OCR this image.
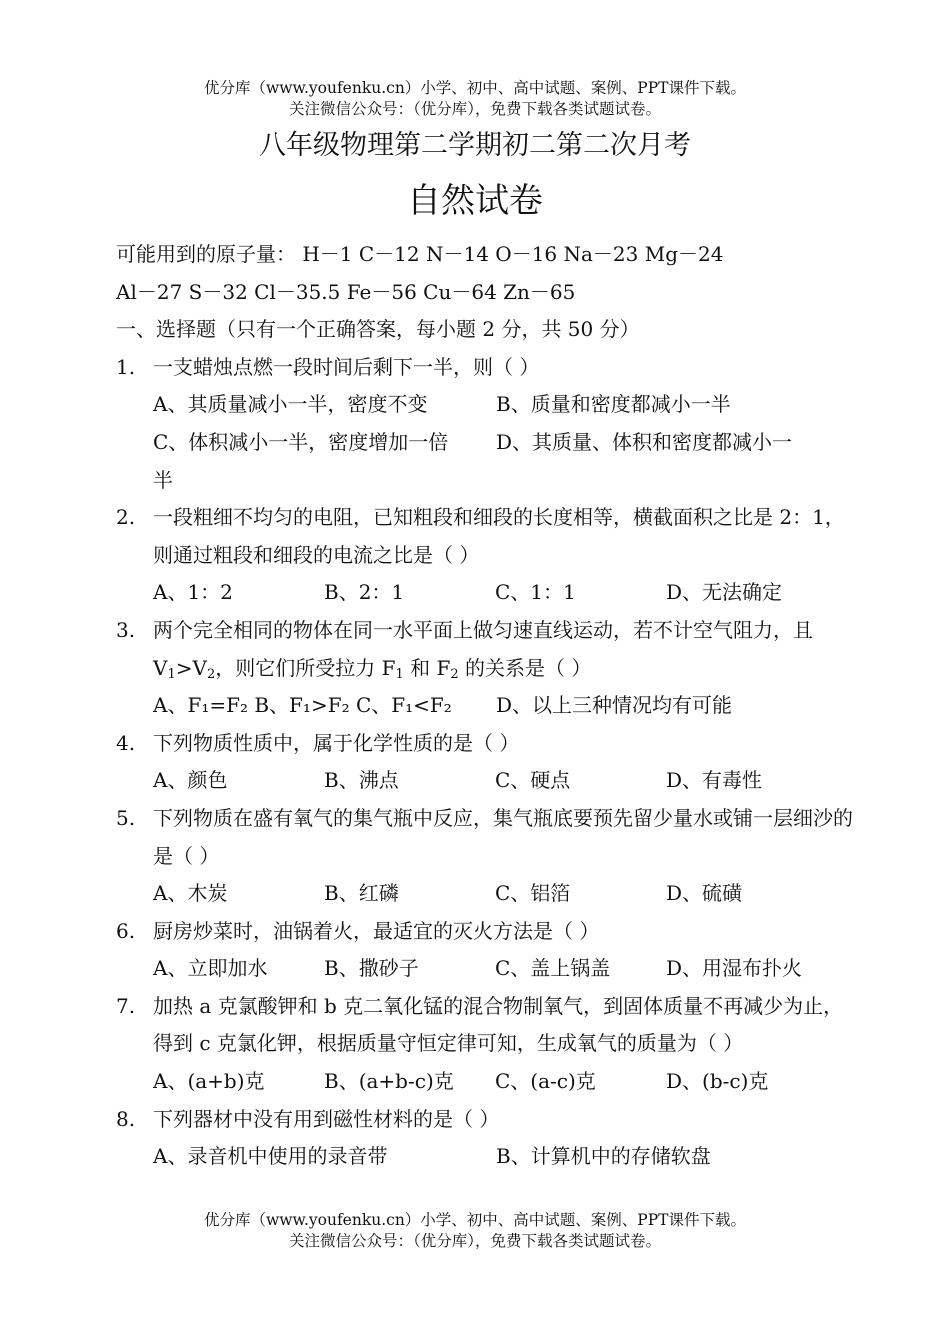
优分库（www.youfenku.cn）小学、初中、高中试题、案例、PPT课件下载。
关注微信公众号：（优分库），免费下载各类试题试卷。
八年级物理第二学期初二第二次月考
自然试卷
可能用到的原子量： H－1 C－12 N－14 O－16 Na－23 Mg－24
Al－27 S－32 Cl－35.5 Fe－56 Cu－64 Zn－65
一、选择题（只有一个正确答案，每小题 2 分，共 50 分）
1. 一支蜡烛点燃一段时间后剩下一半，则（ ）
A、其质量减小一半，密度不变	B、质量和密度都减小一半
C、体积减小一半，密度增加一倍	D、其质量、体积和密度都减小一
半
2. 一段粗细不均匀的电阻，已知粗段和细段的长度相等，横截面积之比是 2：1，则通过粗段和细段的电流之比是（ ）
A、1：2	B、2：1	C、1：1	D、无法确定
3. 两个完全相同的物体在同一水平面上做匀速直线运动，若不计空气阻力，且 $V_1>V_2$，则它们所受拉力 $F_1$ 和 $F_2$ 的关系是（ ）
A、F₁=F₂ B、F₁>F₂ C、F₁<F₂	D、以上三种情况均有可能
4. 下列物质性质中，属于化学性质的是（ ）
A、颜色	B、沸点	C、硬点	D、有毒性
5. 下列物质在盛有氧气的集气瓶中反应，集气瓶底要预先留少量水或铺一层细沙的是（ ）
A、木炭	B、红磷	C、铝箔	D、硫磺
6. 厨房炒菜时，油锅着火，最适宜的灭火方法是（ ）
A、立即加水	B、撒砂子	C、盖上锅盖	D、用湿布扑火
7. 加热 a 克氯酸钾和 b 克二氧化锰的混合物制氧气，到固体质量不再减少为止，得到 c 克氯化钾，根据质量守恒定律可知，生成氧气的质量为（ ）
A、(a+b)克	B、(a+b-c)克	C、(a-c)克	D、(b-c)克
8. 下列器材中没有用到磁性材料的是（ ）
A、录音机中使用的录音带	B、计算机中的存储软盘
优分库（www.youfenku.cn）小学、初中、高中试题、案例、PPT课件下载。
关注微信公众号：（优分库），免费下载各类试题试卷。
